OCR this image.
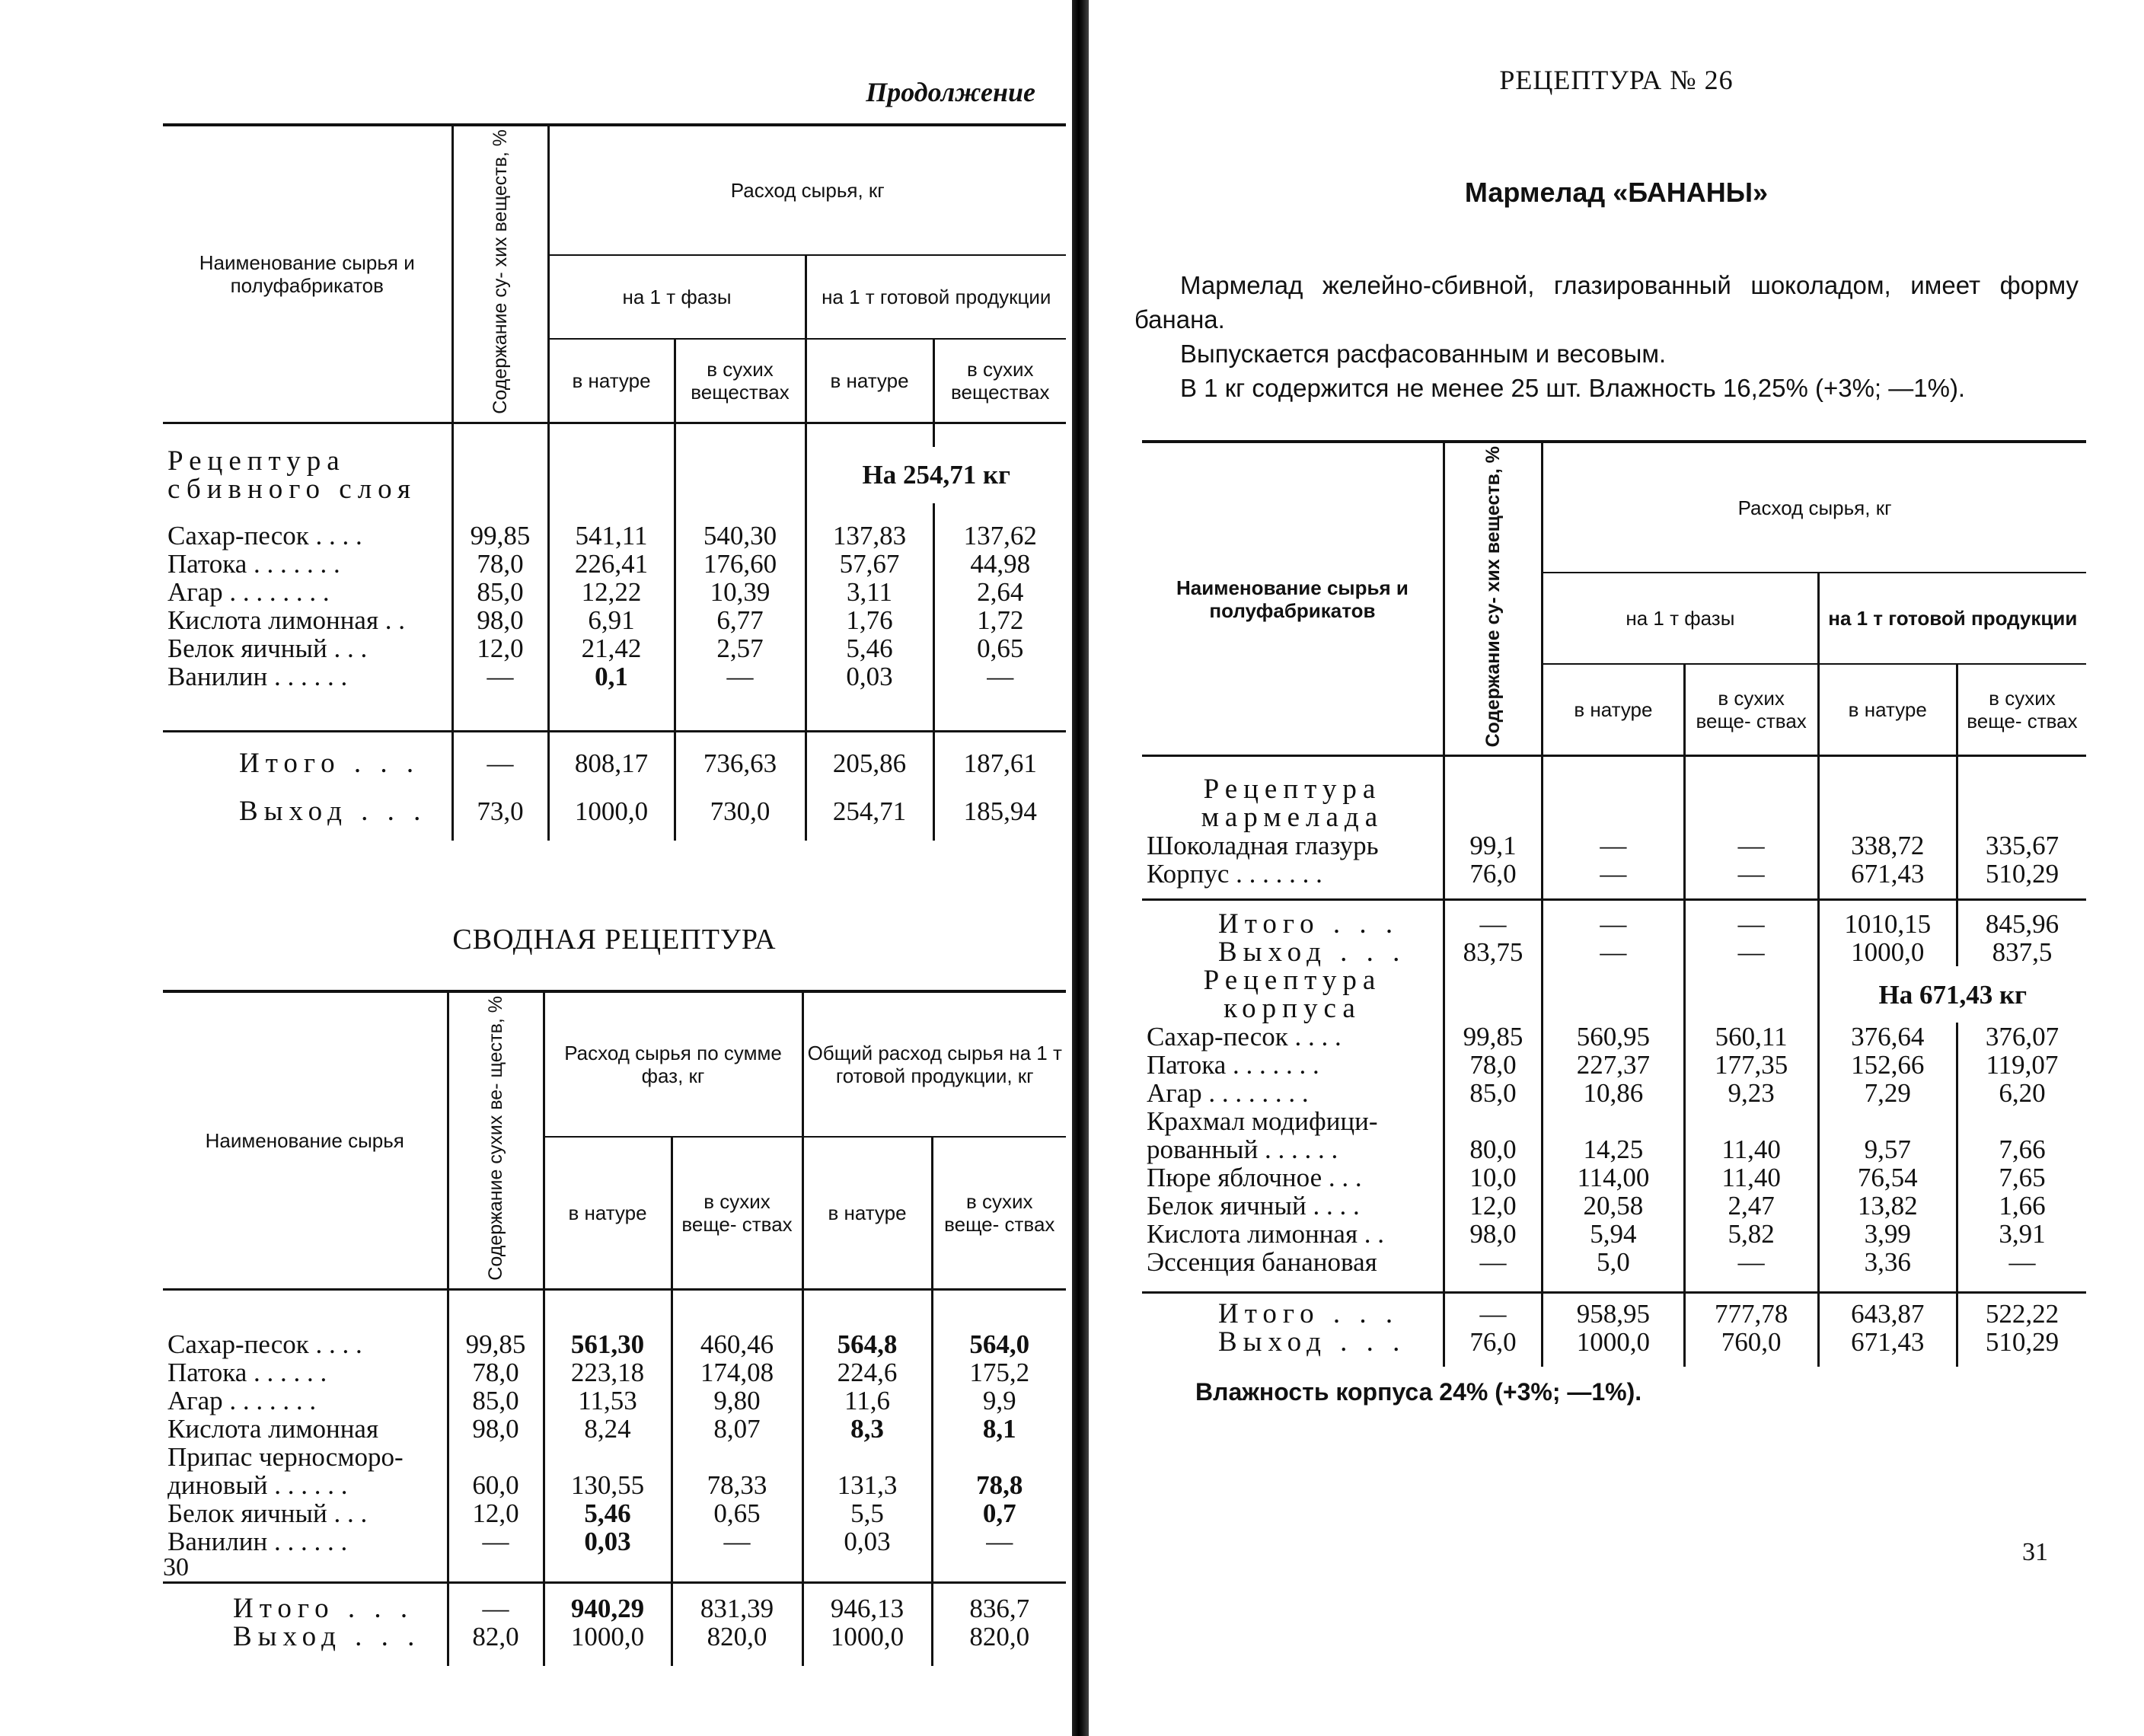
Продолжение
Наименование сырья и полуфабрикатов	Содержание су- хих веществ, %	Расход сырья, кг			
		на 1 т фазы		на 1 т готовой продукции	
		в натуре	в сухих веществах	в натуре	в сухих веществах

Рецептура сбивного слоя				На 254,71 кг	

Сахар-песок . . . .	99,85	541,11	540,30	137,83	137,62
Патока . . . . . . .	78,0	226,41	176,60	57,67	44,98
Агар . . . . . . . .	85,0	12,22	10,39	3,11	2,64
Кислота лимонная . .	98,0	6,91	6,77	1,76	1,72
Белок яичный . . .	12,0	21,42	2,57	5,46	0,65
Ванилин . . . . . .	—	0,1	—	0,03	—

Итого . . .	—	808,17	736,63	205,86	187,61

Выход . . .	73,0	1000,0	730,0	254,71	185,94

СВОДНАЯ РЕЦЕПТУРА
Наименование сырья	Содержание сухих ве- ществ, %	Расход сырья по сумме фаз, кг		Общий расход сырья на 1 т готовой продукции, кг	
		в натуре	в сухих веще- ствах	в натуре	в сухих веще- ствах

Сахар-песок . . . .	99,85	561,30	460,46	564,8	564,0
Патока . . . . . .	78,0	223,18	174,08	224,6	175,2
Агар . . . . . . .	85,0	11,53	9,80	11,6	9,9
Кислота лимонная	98,0	8,24	8,07	8,3	8,1
Припас черносморо-					
диновый . . . . . .	60,0	130,55	78,33	131,3	78,8
Белок яичный . . .	12,0	5,46	0,65	5,5	0,7
Ванилин . . . . . .	—	0,03	—	0,03	—

Итого . . .	—	940,29	831,39	946,13	836,7
Выход . . .	82,0	1000,0	820,0	1000,0	820,0

30
РЕЦЕПТУРА № 26
Мармелад «БАНАНЫ»

Мармелад желейно-сбивной, глазированный шоколадом, имеет форму банана.

Выпускается расфасованным и весовым.

В 1 кг содержится не менее 25 шт. Влажность 16,25% (+3%; —1%).

Наименование сырья и полуфабрикатов	Содержание су- хих веществ, %	Расход сырья, кг			
		на 1 т фазы		на 1 т готовой продукции	
		в натуре	в сухих веще- ствах	в натуре	в сухих веще- ствах

Рецептура мармелада					
Шоколадная глазурь	99,1	—	—	338,72	335,67
Корпус . . . . . . .	76,0	—	—	671,43	510,29

Итого . . .	—	—	—	1010,15	845,96
Выход . . .	83,75	—	—	1000,0	837,5
Рецептура корпуса				На 671,43 кг	
Сахар-песок . . . .	99,85	560,95	560,11	376,64	376,07
Патока . . . . . . .	78,0	227,37	177,35	152,66	119,07
Агар . . . . . . . .	85,0	10,86	9,23	7,29	6,20
Крахмал модифици-					
рованный . . . . . .	80,0	14,25	11,40	9,57	7,66
Пюре яблочное . . .	10,0	114,00	11,40	76,54	7,65
Белок яичный . . . .	12,0	20,58	2,47	13,82	1,66
Кислота лимонная . .	98,0	5,94	5,82	3,99	3,91
Эссенция банановая	—	5,0	—	3,36	—

Итого . . .	—	958,95	777,78	643,87	522,22
Выход . . .	76,0	1000,0	760,0	671,43	510,29

Влажность корпуса 24% (+3%; —1%).
31
